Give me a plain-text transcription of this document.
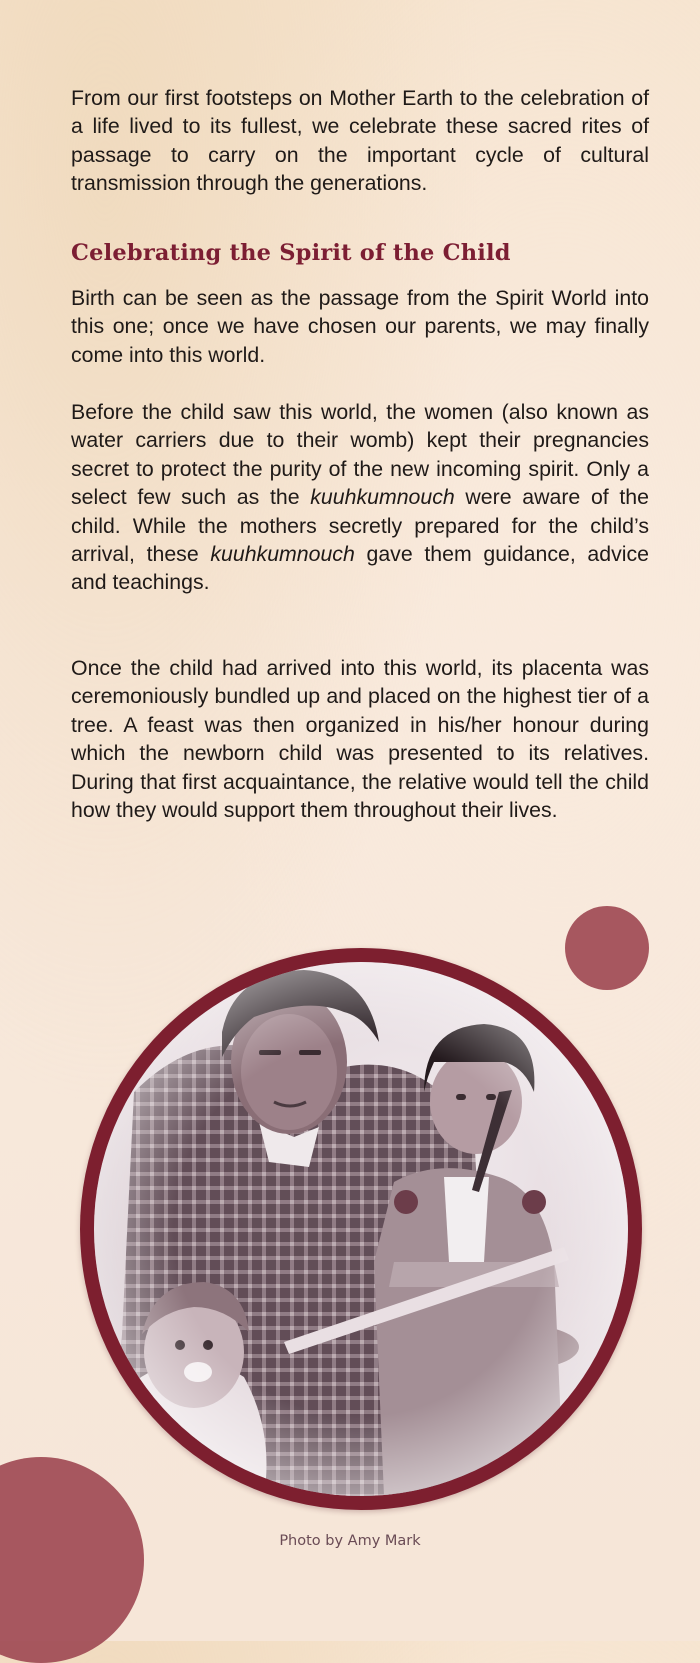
From our first footsteps on Mother Earth to the celebration of a life lived to its fullest, we celebrate these sacred rites of passage to carry on the important cycle of cultural transmission through the generations.

Celebrating the Spirit of the Child

Birth can be seen as the passage from the Spirit World into this one; once we have chosen our parents, we may finally come into this world.

Before the child saw this world, the women (also known as water carriers due to their womb) kept their pregnancies secret to protect the purity of the new incoming spirit. Only a select few such as the kuuhkumnouch were aware of the child. While the mothers secretly prepared for the child’s arrival, these kuuhkumnouch gave them guidance, advice and teachings.

Once the child had arrived into this world, its placenta was ceremoniously bundled up and placed on the highest tier of a tree. A feast was then organized in his/her honour during which the newborn child was presented to its relatives. During that first acquaintance, the relative would tell the child how they would support them throughout their lives.

Photo by Amy Mark
